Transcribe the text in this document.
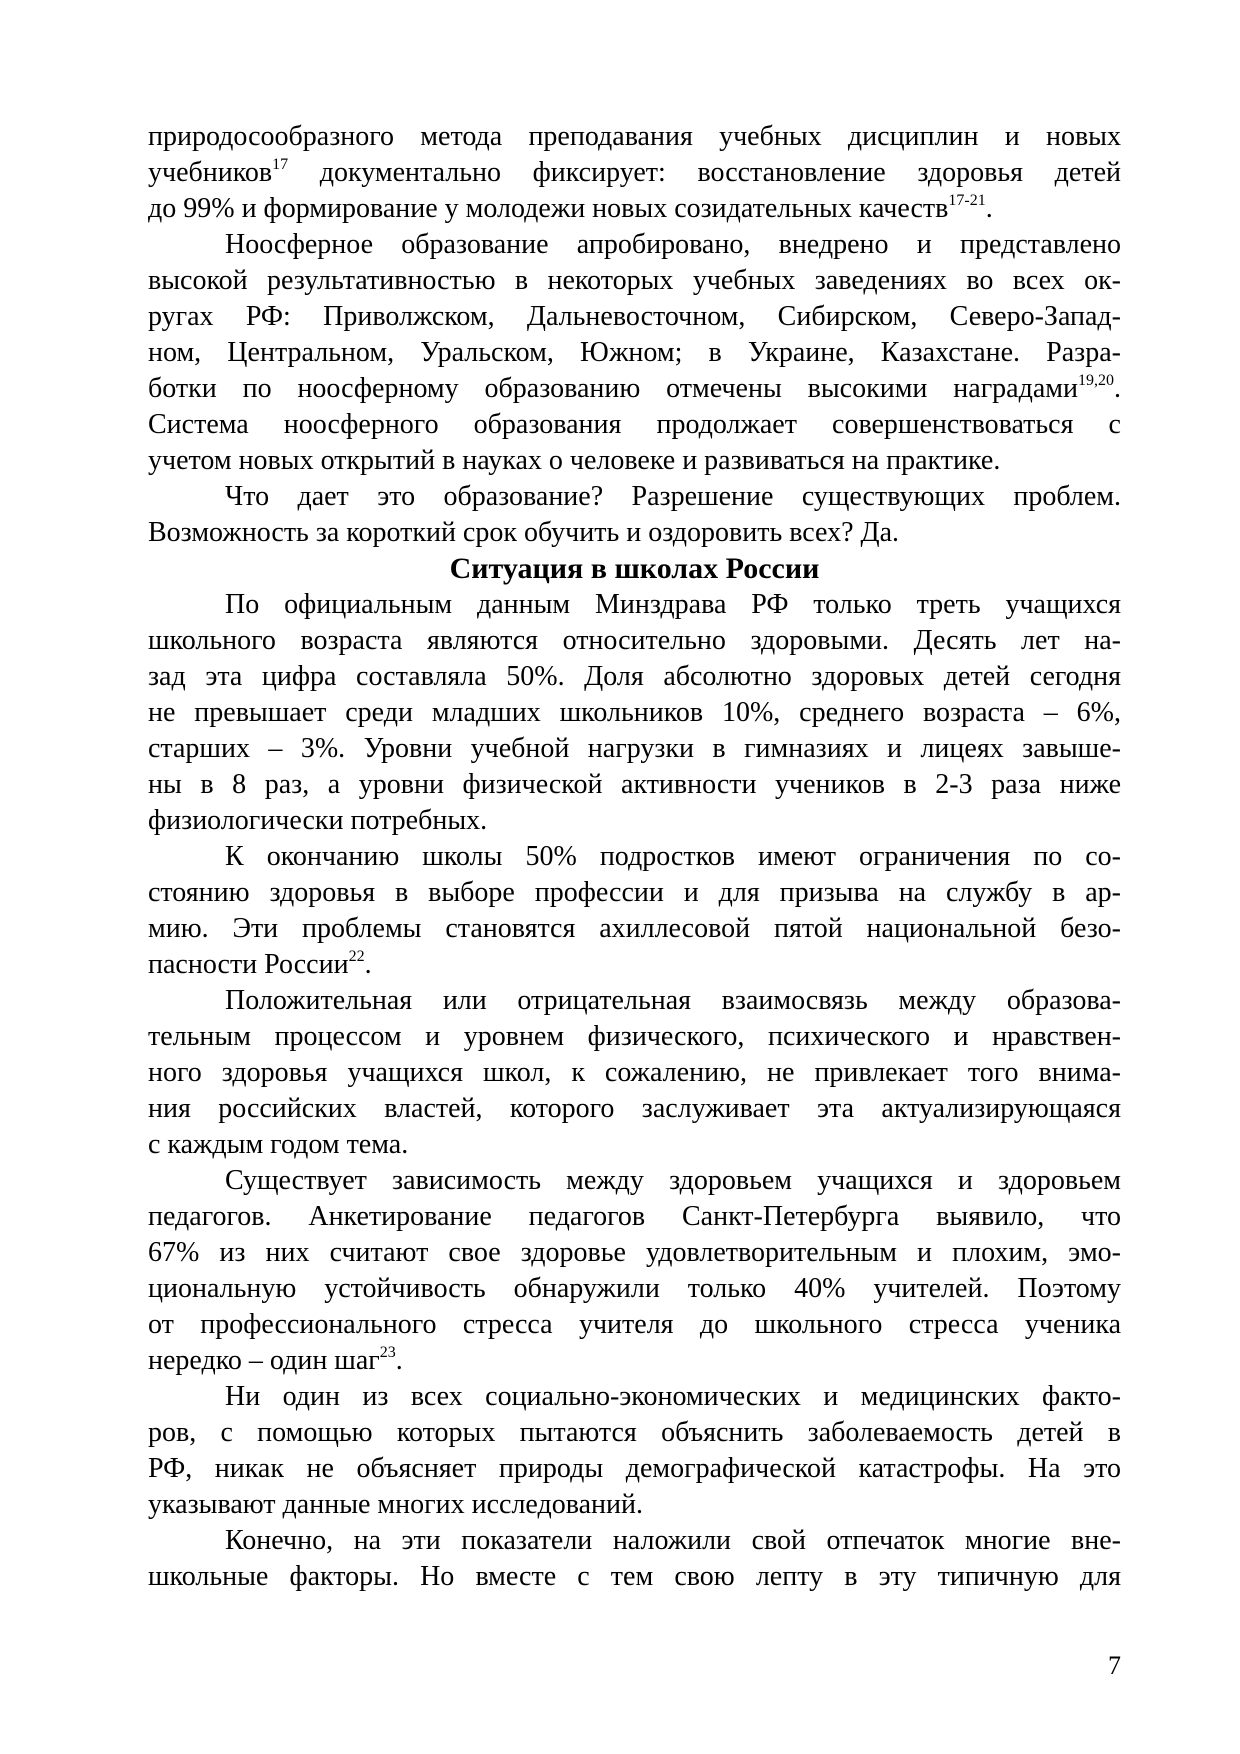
природосообразного метода преподавания учебных дисциплин и новых
учебников$^{17}$ документально фиксирует: восстановление здоровья детей
до 99% и формирование у молодежи новых созидательных качеств$^{17-21}$.
Ноосферное образование апробировано, внедрено и представлено
высокой результативностью в некоторых учебных заведениях во всех ок-
ругах РФ: Приволжском, Дальневосточном, Сибирском, Северо-Запад-
ном, Центральном, Уральском, Южном; в Украине, Казахстане. Разра-
ботки по ноосферному образованию отмечены высокими наградами$^{19,20}$.
Система ноосферного образования продолжает совершенствоваться с
учетом новых открытий в науках о человеке и развиваться на практике.
Что дает это образование? Разрешение существующих проблем.
Возможность за короткий срок обучить и оздоровить всех? Да.
Ситуация в школах России
По официальным данным Минздрава РФ только треть учащихся
школьного возраста являются относительно здоровыми. Десять лет на-
зад эта цифра составляла 50%. Доля абсолютно здоровых детей сегодня
не превышает среди младших школьников 10%, среднего возраста – 6%,
старших – 3%. Уровни учебной нагрузки в гимназиях и лицеях завыше-
ны в 8 раз, а уровни физической активности учеников в 2-3 раза ниже
физиологически потребных.
К окончанию школы 50% подростков имеют ограничения по со-
стоянию здоровья в выборе профессии и для призыва на службу в ар-
мию. Эти проблемы становятся ахиллесовой пятой национальной безо-
пасности России$^{22}$.
Положительная или отрицательная взаимосвязь между образова-
тельным процессом и уровнем физического, психического и нравствен-
ного здоровья учащихся школ, к сожалению, не привлекает того внима-
ния российских властей, которого заслуживает эта актуализирующаяся
с каждым годом тема.
Существует зависимость между здоровьем учащихся и здоровьем
педагогов. Анкетирование педагогов Санкт-Петербурга выявило, что
67% из них считают свое здоровье удовлетворительным и плохим, эмо-
циональную устойчивость обнаружили только 40% учителей. Поэтому
от профессионального стресса учителя до школьного стресса ученика
нередко – один шаг$^{23}$.
Ни один из всех социально-экономических и медицинских факто-
ров, с помощью которых пытаются объяснить заболеваемость детей в
РФ, никак не объясняет природы демографической катастрофы. На это
указывают данные многих исследований.
Конечно, на эти показатели наложили свой отпечаток многие вне-
школьные факторы. Но вместе с тем свою лепту в эту типичную для
7
